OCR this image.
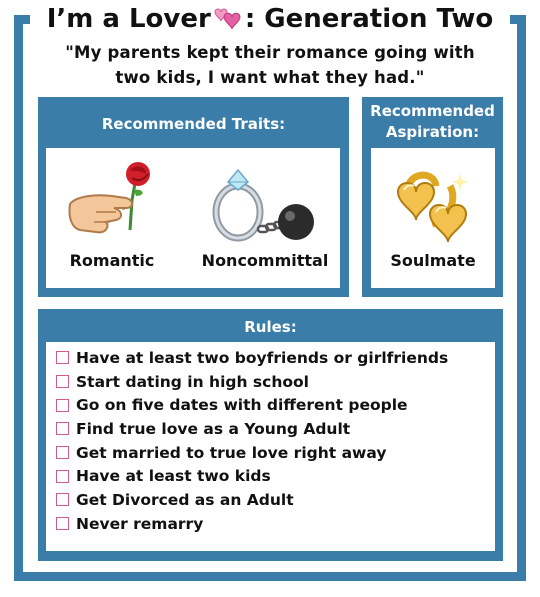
I’m a Lover : Generation Two
"My parents kept their romance going with
two kids, I want what they had."
Recommended Traits:
Romantic	Noncommittal
Recommended
Aspiration:
Soulmate
Rules:
Have at least two boyfriends or girlfriends
Start dating in high school
Go on five dates with different people
Find true love as a Young Adult
Get married to true love right away
Have at least two kids
Get Divorced as an Adult
Never remarry
